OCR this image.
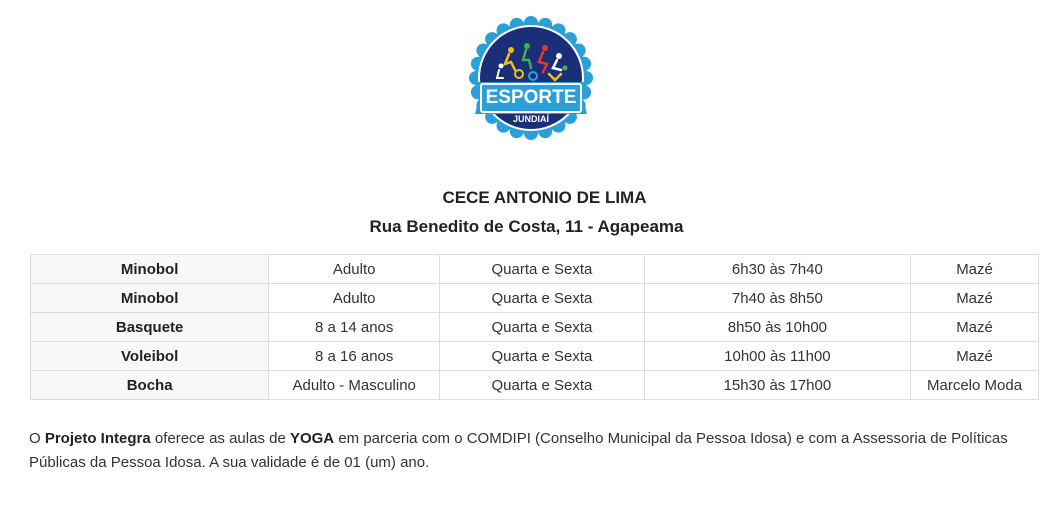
ESPORTE
JUNDIAÍ
CECE ANTONIO DE LIMA
Rua Benedito de Costa, 11 - Agapeama
Minobol	Adulto	Quarta e Sexta	6h30 às 7h40	Mazé
Minobol	Adulto	Quarta e Sexta	7h40 às 8h50	Mazé
Basquete	8 a 14 anos	Quarta e Sexta	8h50 às 10h00	Mazé
Voleibol	8 a 16 anos	Quarta e Sexta	10h00 às 11h00	Mazé
Bocha	Adulto - Masculino	Quarta e Sexta	15h30 às 17h00	Marcelo Moda

O Projeto Integra oferece as aulas de YOGA em parceria com o COMDIPI (Conselho Municipal da Pessoa Idosa) e com a Assessoria de Políticas Públicas da Pessoa Idosa. A sua validade é de 01 (um) ano.
